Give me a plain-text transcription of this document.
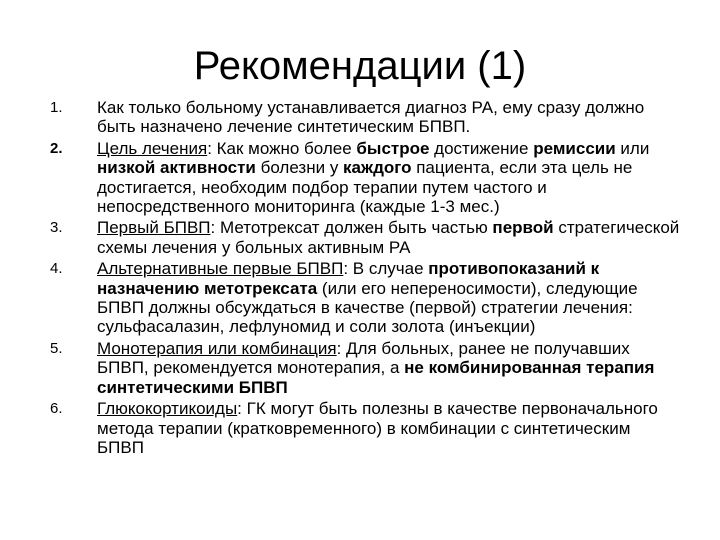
Рекомендации (1)
1. Как только больному устанавливается диагноз РА, ему сразу должно быть назначено лечение синтетическим БПВП.
2. Цель лечения: Как можно более быстрое достижение ремиссии или низкой активности болезни у каждого пациента, если эта цель не достигается, необходим подбор терапии путем частого и непосредственного мониторинга (каждые 1-3 мес.)
3. Первый БПВП: Метотрексат должен быть частью первой стратегической схемы лечения у больных активным РА
4. Альтернативные первые БПВП: В случае противопоказаний к назначению метотрексата (или его непереносимости), следующие БПВП должны обсуждаться в качестве (первой) стратегии лечения: сульфасалазин, лефлуномид и соли золота (инъекции)
5. Монотерапия или комбинация: Для больных, ранее не получавших БПВП, рекомендуется монотерапия, а не комбинированная терапия синтетическими БПВП
6. Глюкокортикоиды: ГК могут быть полезны в качестве первоначального метода терапии (кратковременного) в комбинации с синтетическим БПВП
